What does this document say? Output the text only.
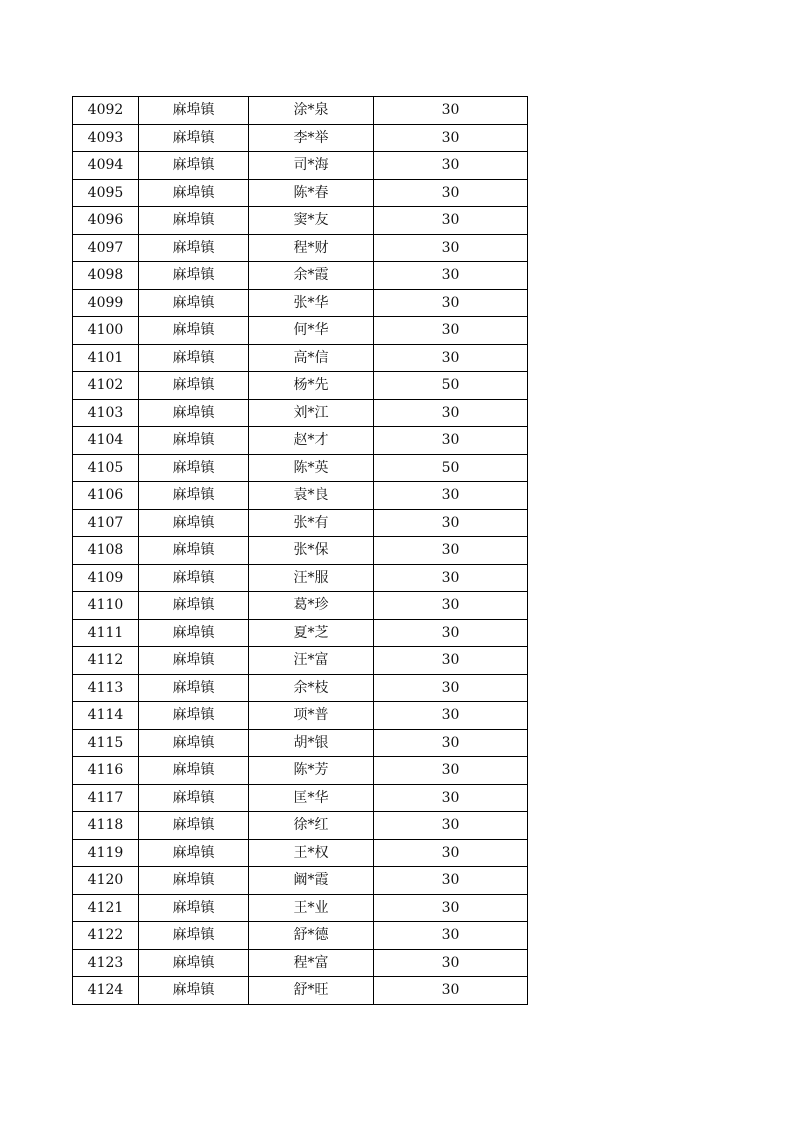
4092	麻埠镇	涂*泉	30
4093	麻埠镇	李*举	30
4094	麻埠镇	司*海	30
4095	麻埠镇	陈*春	30
4096	麻埠镇	窦*友	30
4097	麻埠镇	程*财	30
4098	麻埠镇	余*霞	30
4099	麻埠镇	张*华	30
4100	麻埠镇	何*华	30
4101	麻埠镇	高*信	30
4102	麻埠镇	杨*先	50
4103	麻埠镇	刘*江	30
4104	麻埠镇	赵*才	30
4105	麻埠镇	陈*英	50
4106	麻埠镇	袁*良	30
4107	麻埠镇	张*有	30
4108	麻埠镇	张*保	30
4109	麻埠镇	汪*服	30
4110	麻埠镇	葛*珍	30
4111	麻埠镇	夏*芝	30
4112	麻埠镇	汪*富	30
4113	麻埠镇	余*枝	30
4114	麻埠镇	项*普	30
4115	麻埠镇	胡*银	30
4116	麻埠镇	陈*芳	30
4117	麻埠镇	匡*华	30
4118	麻埠镇	徐*红	30
4119	麻埠镇	王*权	30
4120	麻埠镇	阚*霞	30
4121	麻埠镇	王*业	30
4122	麻埠镇	舒*德	30
4123	麻埠镇	程*富	30
4124	麻埠镇	舒*旺	30
